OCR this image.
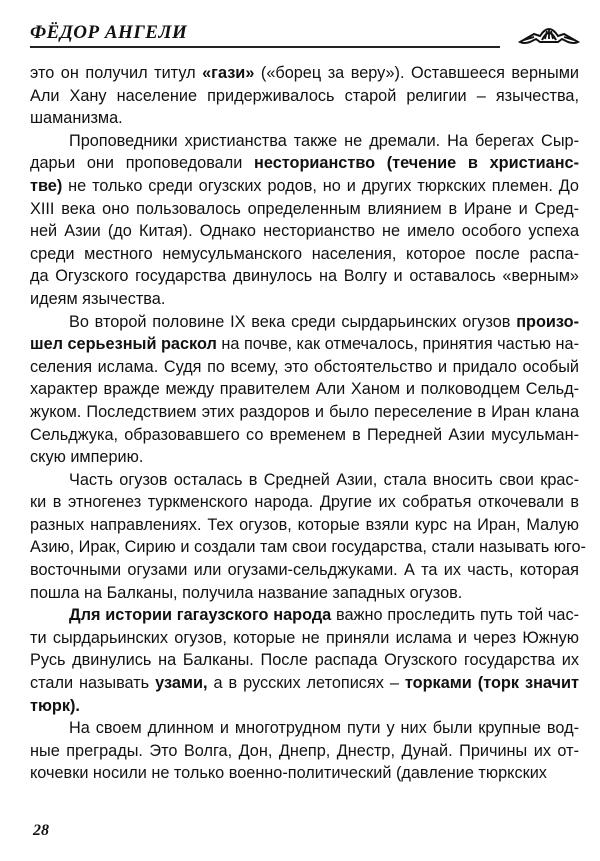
ФЁДОР АНГЕЛИ
это он получил титул «гази» («борец за веру»). Оставшееся верными
Али Хану население придерживалось старой религии – язычества,
шаманизма.
Проповедники христианства также не дремали. На берегах Сыр-
дарьи они проповедовали несторианство (течение в христианс-
тве) не только среди огузских родов, но и других тюркских племен. До
XIII века оно пользовалось определенным влиянием в Иране и Сред-
ней Азии (до Китая). Однако несторианство не имело особого успеха
среди местного немусульманского населения, которое после распа-
да Огузского государства двинулось на Волгу и оставалось «верным»
идеям язычества.
Во второй половине IX века среди сырдарьинских огузов произо-
шел серьезный раскол на почве, как отмечалось, принятия частью на-
селения ислама. Судя по всему, это обстоятельство и придало особый
характер вражде между правителем Али Ханом и полководцем Сельд-
жуком. Последствием этих раздоров и было переселение в Иран клана
Сельджука, образовавшего со временем в Передней Азии мусульман-
скую империю.
Часть огузов осталась в Средней Азии, стала вносить свои крас-
ки в этногенез туркменского народа. Другие их собратья откочевали в
разных направлениях. Тех огузов, которые взяли курс на Иран, Малую
Азию, Ирак, Сирию и создали там свои государства, стали называть юго-
восточными огузами или огузами-сельджуками. А та их часть, которая
пошла на Балканы, получила название западных огузов.
Для истории гагаузского народа важно проследить путь той час-
ти сырдарьинских огузов, которые не приняли ислама и через Южную
Русь двинулись на Балканы. После распада Огузского государства их
стали называть узами, а в русских летописях – торками (торк значит
тюрк).
На своем длинном и многотрудном пути у них были крупные вод-
ные преграды. Это Волга, Дон, Днепр, Днестр, Дунай. Причины их от-
кочевки носили не только военно-политический (давление тюркских
28
